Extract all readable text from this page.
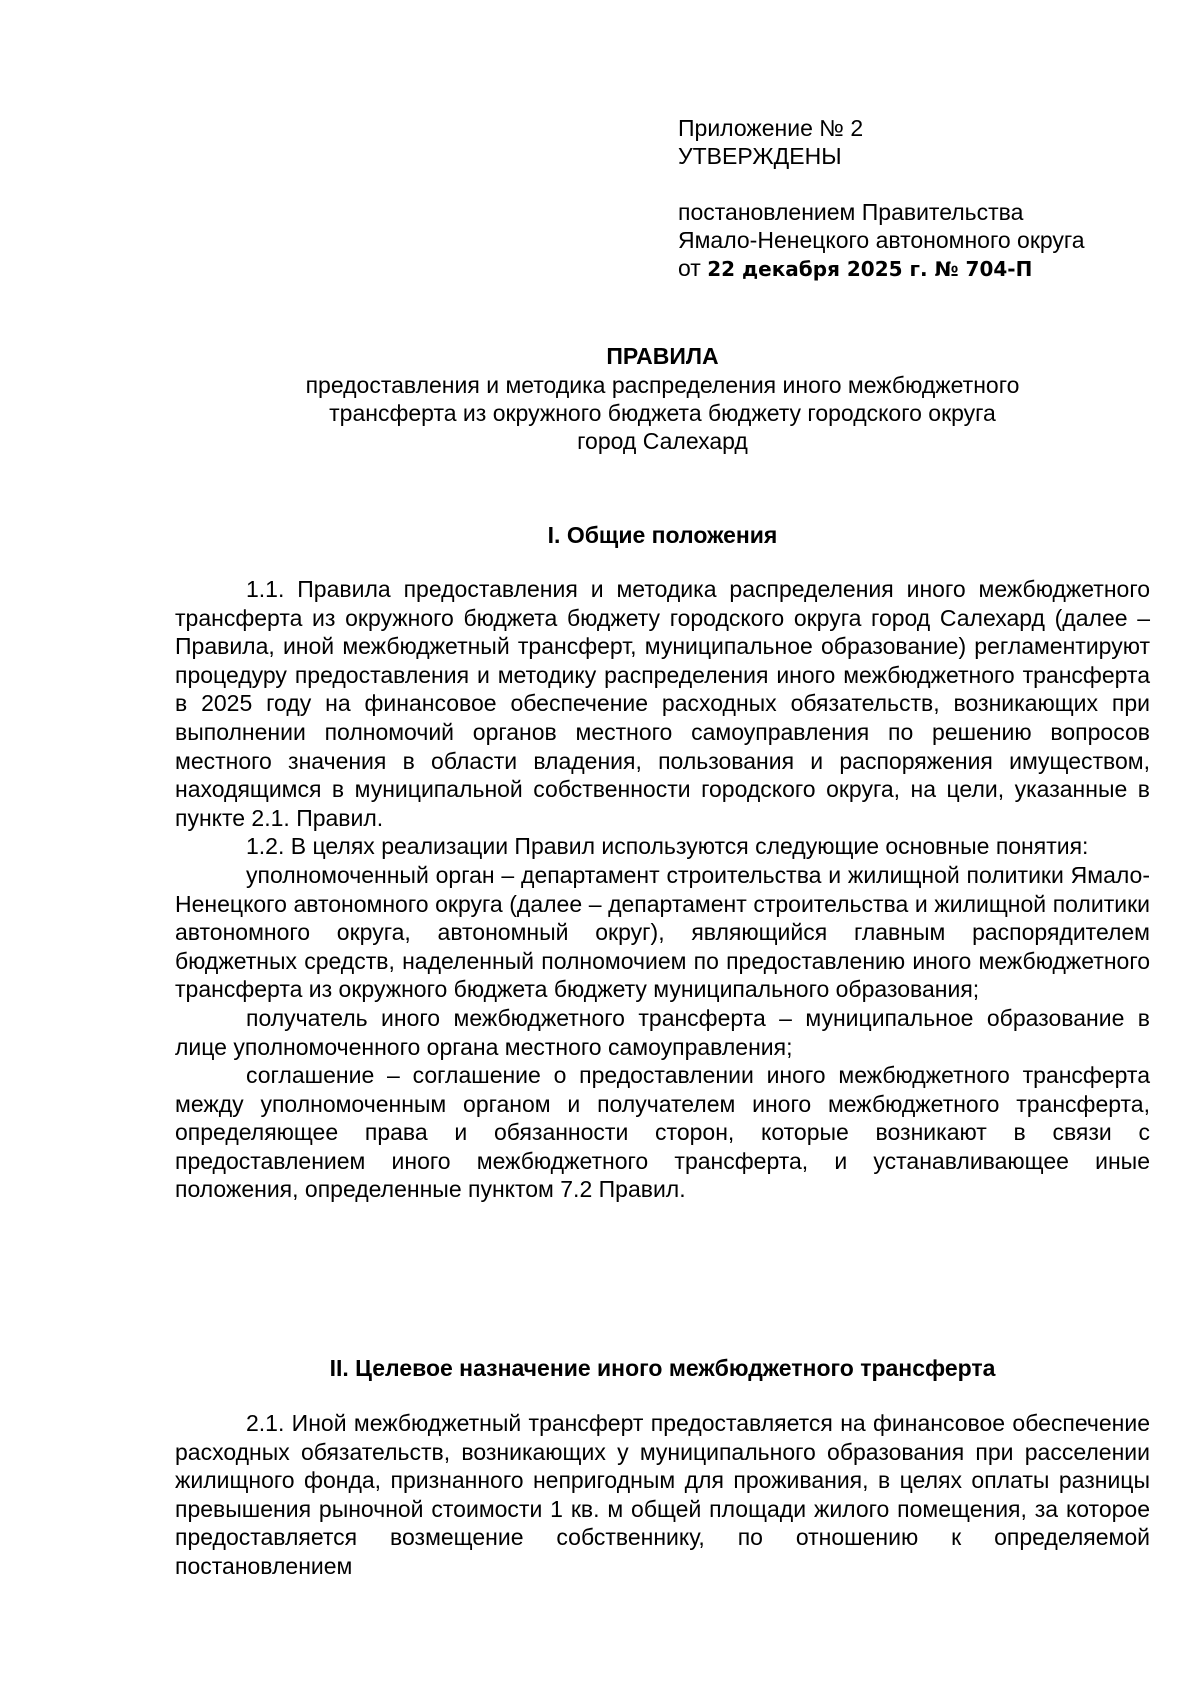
Приложение № 2
УТВЕРЖДЕНЫ
постановлением Правительства
Ямало-Ненецкого автономного округа
от 22 декабря 2025 г. № 704-П
ПРАВИЛА
предоставления и методика распределения иного межбюджетного
трансферта из окружного бюджета бюджету городского округа
город Салехард
I. Общие положения

1.1. Правила предоставления и методика распределения иного межбюджетного трансферта из окружного бюджета бюджету городского округа город Салехард (далее – Правила, иной межбюджетный трансферт, муниципальное образование) регламентируют процедуру предоставления и методику распределения иного межбюджетного трансферта в 2025 году на финансовое обеспечение расходных обязательств, возникающих при выполнении полномочий органов местного самоуправления по решению вопросов местного значения в области владения, пользования и распоряжения имуществом, находящимся в муниципальной собственности городского округа, на цели, указанные в пункте 2.1. Правил.

1.2. В целях реализации Правил используются следующие основные понятия:

уполномоченный орган – департамент строительства и жилищной политики Ямало-Ненецкого автономного округа (далее – департамент строительства и жилищной политики автономного округа, автономный округ), являющийся главным распорядителем бюджетных средств, наделенный полномочием по предоставлению иного межбюджетного трансферта из окружного бюджета бюджету муниципального образования;

получатель иного межбюджетного трансферта – муниципальное образование в лице уполномоченного органа местного самоуправления;

соглашение – соглашение о предоставлении иного межбюджетного трансферта между уполномоченным органом и получателем иного межбюджетного трансферта, определяющее права и обязанности сторон, которые возникают в связи с предоставлением иного межбюджетного трансферта, и устанавливающее иные положения, определенные пунктом 7.2 Правил.

II. Целевое назначение иного межбюджетного трансферта

2.1. Иной межбюджетный трансферт предоставляется на финансовое обеспечение расходных обязательств, возникающих у муниципального образования при расселении жилищного фонда, признанного непригодным для проживания, в целях оплаты разницы превышения рыночной стоимости 1 кв. м общей площади жилого помещения, за которое предоставляется возмещение собственнику, по отношению к определяемой постановлением
